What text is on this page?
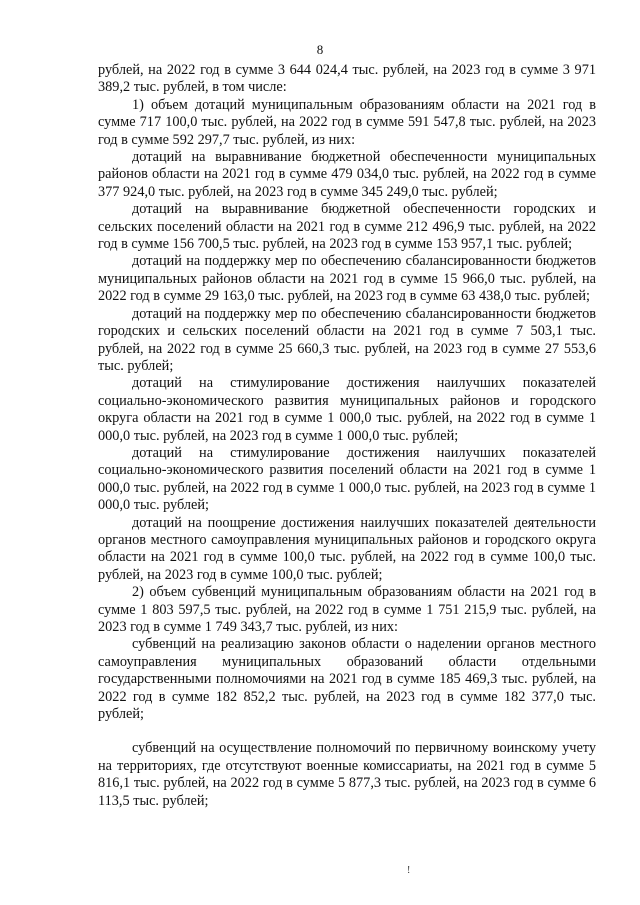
8

рублей, на 2022 год в сумме 3 644 024,4 тыс. рублей, на 2023 год в сумме 3 971 389,2 тыс. рублей, в том числе:

1) объем дотаций муниципальным образованиям области на 2021 год в сумме 717 100,0 тыс. рублей, на 2022 год в сумме 591 547,8 тыс. рублей, на 2023 год в сумме 592 297,7 тыс. рублей, из них:

дотаций на выравнивание бюджетной обеспеченности муниципальных районов области на 2021 год в сумме 479 034,0 тыс. рублей, на 2022 год в сумме 377 924,0 тыс. рублей, на 2023 год в сумме 345 249,0 тыс. рублей;

дотаций на выравнивание бюджетной обеспеченности городских и сельских поселений области на 2021 год в сумме 212 496,9 тыс. рублей, на 2022 год в сумме 156 700,5 тыс. рублей, на 2023 год в сумме 153 957,1 тыс. рублей;

дотаций на поддержку мер по обеспечению сбалансированности бюджетов муниципальных районов области на 2021 год в сумме 15 966,0 тыс. рублей, на 2022 год в сумме 29 163,0 тыс. рублей, на 2023 год в сумме 63 438,0 тыс. рублей;

дотаций на поддержку мер по обеспечению сбалансированности бюджетов городских и сельских поселений области на 2021 год в сумме 7 503,1 тыс. рублей, на 2022 год в сумме 25 660,3 тыс. рублей, на 2023 год в сумме 27 553,6 тыс. рублей;

дотаций на стимулирование достижения наилучших показателей социально-экономического развития муниципальных районов и городского округа области на 2021 год в сумме 1 000,0 тыс. рублей, на 2022 год в сумме 1 000,0 тыс. рублей, на 2023 год в сумме 1 000,0 тыс. рублей;

дотаций на стимулирование достижения наилучших показателей социально-экономического развития поселений области на 2021 год в сумме 1 000,0 тыс. рублей, на 2022 год в сумме 1 000,0 тыс. рублей, на 2023 год в сумме 1 000,0 тыс. рублей;

дотаций на поощрение достижения наилучших показателей деятельности органов местного самоуправления муниципальных районов и городского округа области на 2021 год в сумме 100,0 тыс. рублей, на 2022 год в сумме 100,0 тыс. рублей, на 2023 год в сумме 100,0 тыс. рублей;

2) объем субвенций муниципальным образованиям области на 2021 год в сумме 1 803 597,5 тыс. рублей, на 2022 год в сумме 1 751 215,9 тыс. рублей, на 2023 год в сумме 1 749 343,7 тыс. рублей, из них:

субвенций на реализацию законов области о наделении органов местного самоуправления муниципальных образований области отдельными государственными полномочиями на 2021 год в сумме 185 469,3 тыс. рублей, на 2022 год в сумме 182 852,2 тыс. рублей, на 2023 год в сумме 182 377,0 тыс. рублей;

субвенций на осуществление полномочий по первичному воинскому учету на территориях, где отсутствуют военные комиссариаты, на 2021 год в сумме 5 816,1 тыс. рублей, на 2022 год в сумме 5 877,3 тыс. рублей, на 2023 год в сумме 6 113,5 тыс. рублей;

!
